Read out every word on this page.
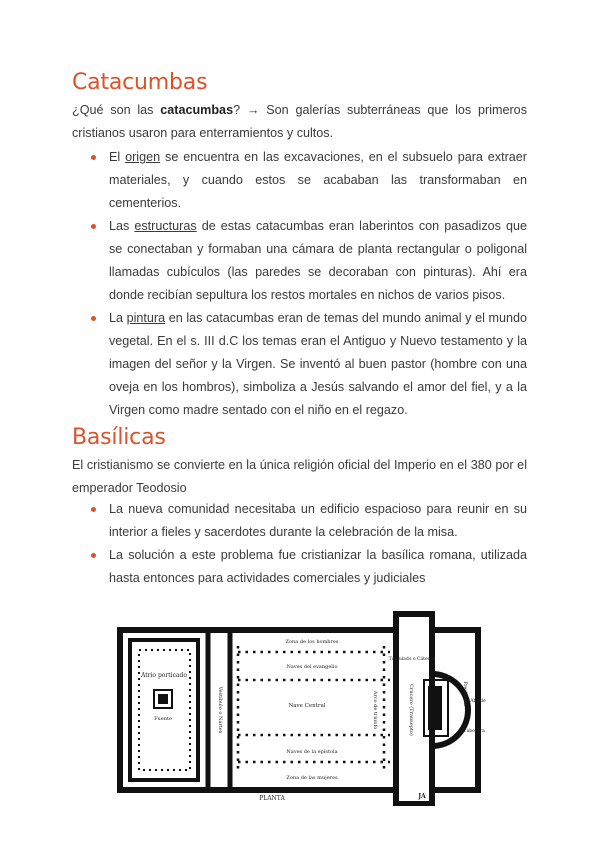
Catacumbas

¿Qué son las catacumbas? → Son galerías subterráneas que los primeros cristianos usaron para enterramientos y cultos.

El origen se encuentra en las excavaciones, en el subsuelo para extraer materiales, y cuando estos se acababan las transformaban en cementerios.
Las estructuras de estas catacumbas eran laberintos con pasadizos que se conectaban y formaban una cámara de planta rectangular o poligonal llamadas cubículos (las paredes se decoraban con pinturas). Ahí era donde recibían sepultura los restos mortales en nichos de varios pisos.
La pintura en las catacumbas eran de temas del mundo animal y el mundo vegetal. En el s. III d.C los temas eran el Antiguo y Nuevo testamento y la imagen del señor y la Virgen. Se inventó al buen pastor (hombre con una oveja en los hombros), simboliza a Jesús salvando el amor del fiel, y a la Virgen como madre sentado con el niño en el regazo.
Basílicas

El cristianismo se convierte en la única religión oficial del Imperio en el 380 por el emperador Teodosio

La nueva comunidad necesitaba un edificio espacioso para reunir en su interior a fieles y sacerdotes durante la celebración de la misa.
La solución a este problema fue cristianizar la basílica romana, utilizada hasta entonces para actividades comerciales y judiciales
Atrio porticado
Fuente	Vestíbulo o Nártex
Zona de los hombres
Naves del evangelio
Nave Central
Naves de la epístola
Zona de las mujeres
Arco de triunfo	Crucero (Transepto)
Tumulado o Cátedra
Presbiterio Ábside
Cabecera
PLANTA	JA
